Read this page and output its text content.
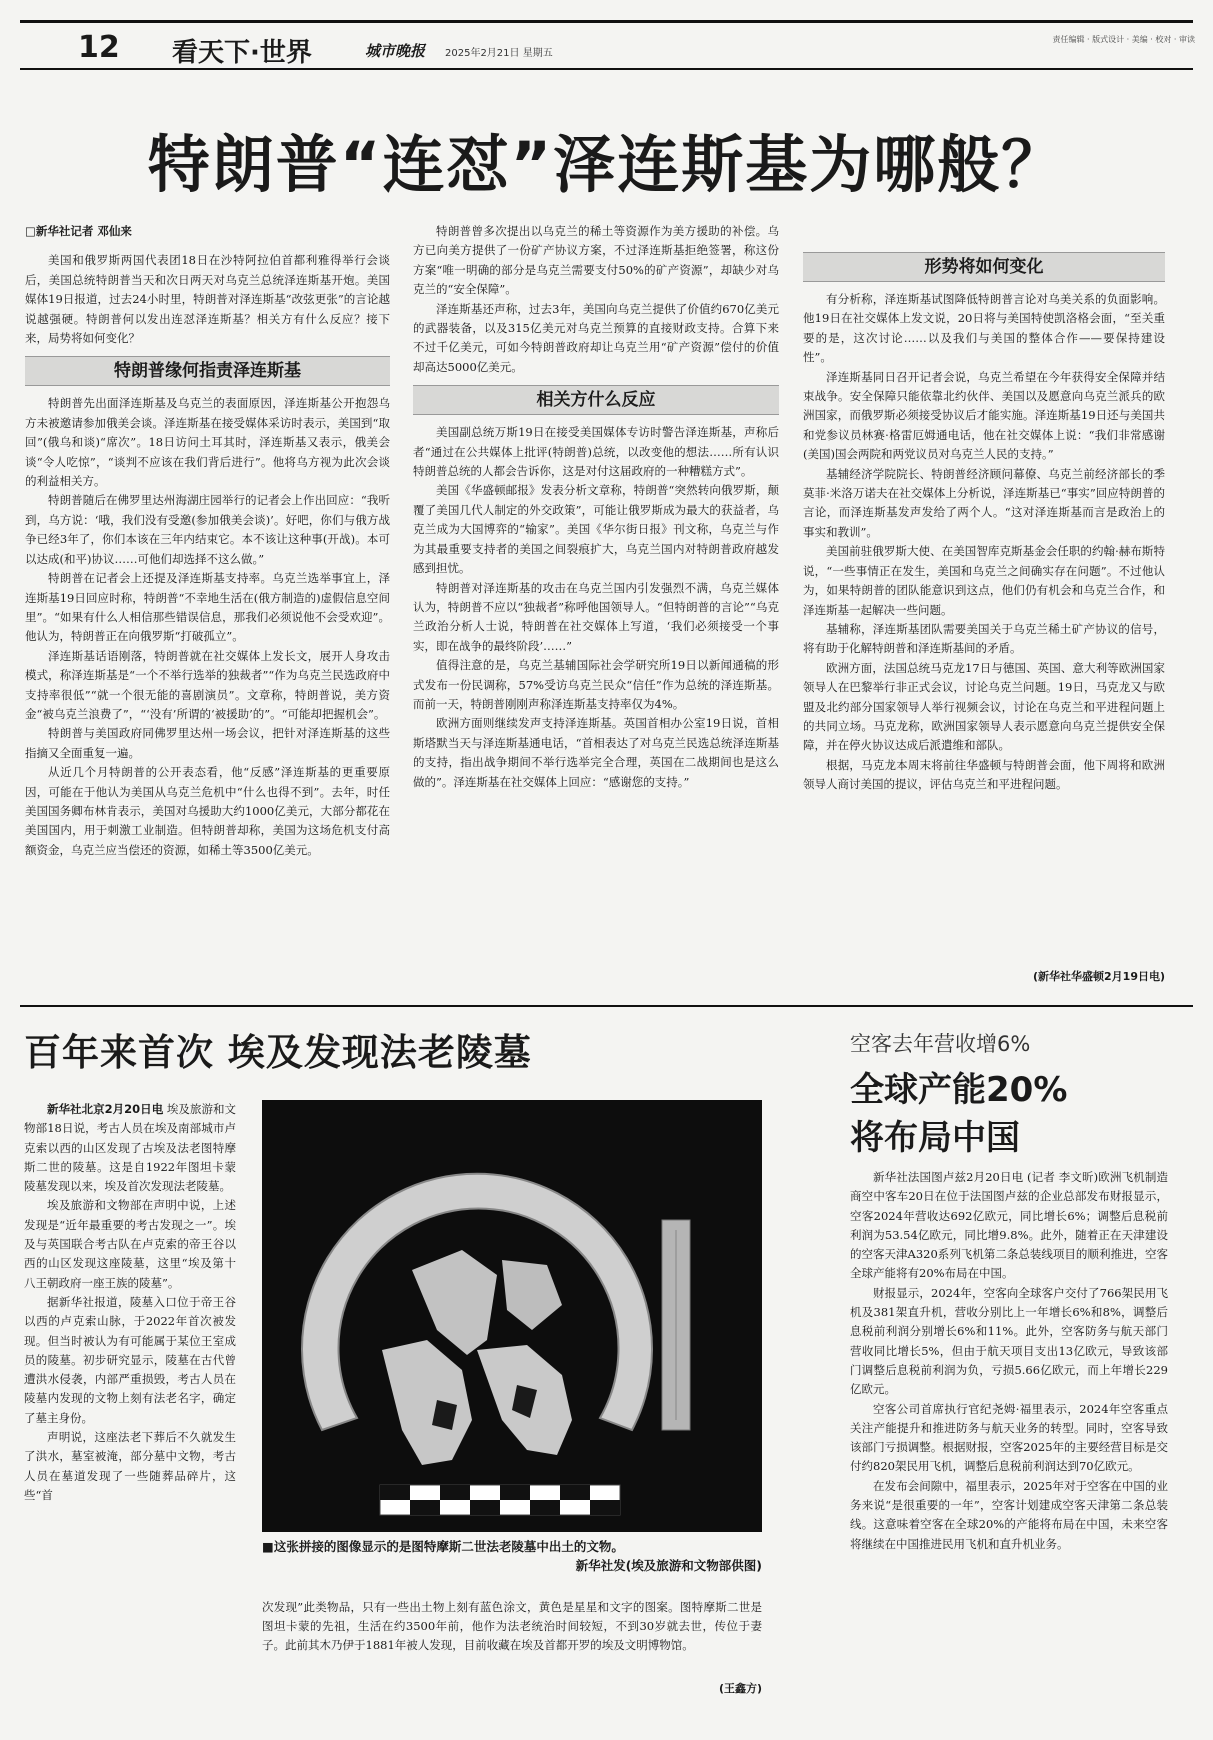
12 看天下·世界	城市晚报 2025年2月21日 星期五
责任编辑 · 版式设计 · 美编 · 校对 · 审读
特朗普“连怼”泽连斯基为哪般？

□新华社记者 邓仙来

美国和俄罗斯两国代表团18日在沙特阿拉伯首都利雅得举行会谈后，美国总统特朗普当天和次日两天对乌克兰总统泽连斯基开炮。美国媒体19日报道，过去24小时里，特朗普对泽连斯基“改弦更张”的言论越说越强硬。特朗普何以发出连怼泽连斯基？相关方有什么反应？接下来，局势将如何变化？

特朗普缘何指责泽连斯基

特朗普先出面泽连斯基及乌克兰的表面原因，泽连斯基公开抱怨乌方未被邀请参加俄美会谈。泽连斯基在接受媒体采访时表示，美国到“取回”(俄乌和谈)“席次”。18日访问土耳其时，泽连斯基又表示，俄美会谈“令人吃惊”，“谈判不应该在我们背后进行”。他将乌方视为此次会谈的利益相关方。

特朗普随后在佛罗里达州海湖庄园举行的记者会上作出回应：“我听到，乌方说：‘哦，我们没有受邀(参加俄美会谈)’。好吧，你们与俄方战争已经3年了，你们本该在三年内结束它。本不该让这种事(开战)。本可以达成(和平)协议……可他们却选择不这么做。”

特朗普在记者会上还提及泽连斯基支持率。乌克兰选举事宜上，泽连斯基19日回应时称，特朗普“不幸地生活在(俄方制造的)虚假信息空间里”。“如果有什么人相信那些错误信息，那我们必须说他不会受欢迎”。他认为，特朗普正在向俄罗斯“打破孤立”。

泽连斯基话语刚落，特朗普就在社交媒体上发长文，展开人身攻击模式，称泽连斯基是“一个不举行选举的独裁者”“作为乌克兰民选政府中支持率很低”“就一个很无能的喜剧演员”。文章称，特朗普说，美方资金“被乌克兰浪费了”，“‘没有’所谓的‘被援助’的”。“可能却把握机会”。

特朗普与美国政府同佛罗里达州一场会议，把针对泽连斯基的这些指摘又全面重复一遍。

从近几个月特朗普的公开表态看，他“反感”泽连斯基的更重要原因，可能在于他认为美国从乌克兰危机中“什么也得不到”。去年，时任美国国务卿布林肯表示，美国对乌援助大约1000亿美元，大部分都花在美国国内，用于刺激工业制造。但特朗普却称，美国为这场危机支付高额资金，乌克兰应当偿还的资源，如稀土等3500亿美元。

特朗普曾多次提出以乌克兰的稀土等资源作为美方援助的补偿。乌方已向美方提供了一份矿产协议方案，不过泽连斯基拒绝签署，称这份方案“唯一明确的部分是乌克兰需要支付50%的矿产资源”，却缺少对乌克兰的“安全保障”。

泽连斯基还声称，过去3年，美国向乌克兰提供了价值约670亿美元的武器装备，以及315亿美元对乌克兰预算的直接财政支持。合算下来不过千亿美元，可如今特朗普政府却让乌克兰用“矿产资源”偿付的价值却高达5000亿美元。

相关方什么反应

美国副总统万斯19日在接受美国媒体专访时警告泽连斯基，声称后者“通过在公共媒体上批评(特朗普)总统，以改变他的想法……所有认识特朗普总统的人都会告诉你，这是对付这届政府的一种糟糕方式”。

美国《华盛顿邮报》发表分析文章称，特朗普“突然转向俄罗斯，颠覆了美国几代人制定的外交政策”，可能让俄罗斯成为最大的获益者，乌克兰成为大国博弈的“输家”。美国《华尔街日报》刊文称，乌克兰与作为其最重要支持者的美国之间裂痕扩大，乌克兰国内对特朗普政府越发感到担忧。

特朗普对泽连斯基的攻击在乌克兰国内引发强烈不满，乌克兰媒体认为，特朗普不应以“独裁者”称呼他国领导人。“但特朗普的言论”“乌克兰政治分析人士说，特朗普在社交媒体上写道，‘我们必须接受一个事实，即在战争的最终阶段’……”

值得注意的是，乌克兰基辅国际社会学研究所19日以新闻通稿的形式发布一份民调称，57%受访乌克兰民众“信任”作为总统的泽连斯基。而前一天，特朗普刚刚声称泽连斯基支持率仅为4%。

欧洲方面则继续发声支持泽连斯基。英国首相办公室19日说，首相斯塔默当天与泽连斯基通电话，“首相表达了对乌克兰民选总统泽连斯基的支持，指出战争期间不举行选举完全合理，英国在二战期间也是这么做的”。泽连斯基在社交媒体上回应：“感谢您的支持。”

形势将如何变化

有分析称，泽连斯基试图降低特朗普言论对乌美关系的负面影响。他19日在社交媒体上发文说，20日将与美国特使凯洛格会面，“至关重要的是，这次讨论……以及我们与美国的整体合作——要保持建设性”。

泽连斯基同日召开记者会说，乌克兰希望在今年获得安全保障并结束战争。安全保障只能依靠北约伙伴、美国以及愿意向乌克兰派兵的欧洲国家，而俄罗斯必须接受协议后才能实施。泽连斯基19日还与美国共和党参议员林赛·格雷厄姆通电话，他在社交媒体上说：“我们非常感谢(美国)国会两院和两党议员对乌克兰人民的支持。”

基辅经济学院院长、特朗普经济顾问幕僚、乌克兰前经济部长的季莫菲·米洛万诺夫在社交媒体上分析说，泽连斯基已“事实”回应特朗普的言论，而泽连斯基发声发给了两个人。“这对泽连斯基而言是政治上的事实和教训”。

美国前驻俄罗斯大使、在美国智库克斯基金会任职的约翰·赫布斯特说，“一些事情正在发生，美国和乌克兰之间确实存在问题”。不过他认为，如果特朗普的团队能意识到这点，他们仍有机会和乌克兰合作，和泽连斯基一起解决一些问题。

基辅称，泽连斯基团队需要美国关于乌克兰稀土矿产协议的信号，将有助于化解特朗普和泽连斯基间的矛盾。

欧洲方面，法国总统马克龙17日与德国、英国、意大利等欧洲国家领导人在巴黎举行非正式会议，讨论乌克兰问题。19日，马克龙又与欧盟及北约部分国家领导人举行视频会议，讨论在乌克兰和平进程问题上的共同立场。马克龙称，欧洲国家领导人表示愿意向乌克兰提供安全保障，并在停火协议达成后派遣维和部队。

根据，马克龙本周末将前往华盛顿与特朗普会面，他下周将和欧洲领导人商讨美国的提议，评估乌克兰和平进程问题。

(新华社华盛顿2月19日电)
百年来首次 埃及发现法老陵墓

新华社北京2月20日电 埃及旅游和文物部18日说，考古人员在埃及南部城市卢克索以西的山区发现了古埃及法老图特摩斯二世的陵墓。这是自1922年图坦卡蒙陵墓发现以来，埃及首次发现法老陵墓。

埃及旅游和文物部在声明中说，上述发现是“近年最重要的考古发现之一”。埃及与英国联合考古队在卢克索的帝王谷以西的山区发现这座陵墓，这里“埃及第十八王朝政府一座王族的陵墓”。

据新华社报道，陵墓入口位于帝王谷以西的卢克索山脉，于2022年首次被发现。但当时被认为有可能属于某位王室成员的陵墓。初步研究显示，陵墓在古代曾遭洪水侵袭，内部严重损毁，考古人员在陵墓内发现的文物上刻有法老名字，确定了墓主身份。

声明说，这座法老下葬后不久就发生了洪水，墓室被淹，部分墓中文物，考古人员在墓道发现了一些随葬品碎片，这些“首

■这张拼接的图像显示的是图特摩斯二世法老陵墓中出土的文物。
新华社发(埃及旅游和文物部供图)

次发现”此类物品，只有一些出土物上刻有蓝色涂文，黄色是星星和文字的图案。图特摩斯二世是图坦卡蒙的先祖，生活在约3500年前，他作为法老统治时间较短，不到30岁就去世，传位于妻子。此前其木乃伊于1881年被人发现，目前收藏在埃及首都开罗的埃及文明博物馆。

(王鑫方)
空客去年营收增6%
全球产能20%
将布局中国

新华社法国图卢兹2月20日电 (记者 李文昕)欧洲飞机制造商空中客车20日在位于法国图卢兹的企业总部发布财报显示，空客2024年营收达692亿欧元，同比增长6%；调整后息税前利润为53.54亿欧元，同比增9.8%。此外，随着正在天津建设的空客天津A320系列飞机第二条总装线项目的顺利推进，空客全球产能将有20%布局在中国。

财报显示，2024年，空客向全球客户交付了766架民用飞机及381架直升机，营收分别比上一年增长6%和8%，调整后息税前利润分别增长6%和11%。此外，空客防务与航天部门营收同比增长5%，但由于航天项目支出13亿欧元，导致该部门调整后息税前利润为负，亏损5.66亿欧元，而上年增长229亿欧元。

空客公司首席执行官纪尧姆·福里表示，2024年空客重点关注产能提升和推进防务与航天业务的转型。同时，空客导致该部门亏损调整。根据财报，空客2025年的主要经营目标是交付约820架民用飞机，调整后息税前利润达到70亿欧元。

在发布会间隙中，福里表示，2025年对于空客在中国的业务来说“是很重要的一年”，空客计划建成空客天津第二条总装线。这意味着空客在全球20%的产能将布局在中国，未来空客将继续在中国推进民用飞机和直升机业务。
